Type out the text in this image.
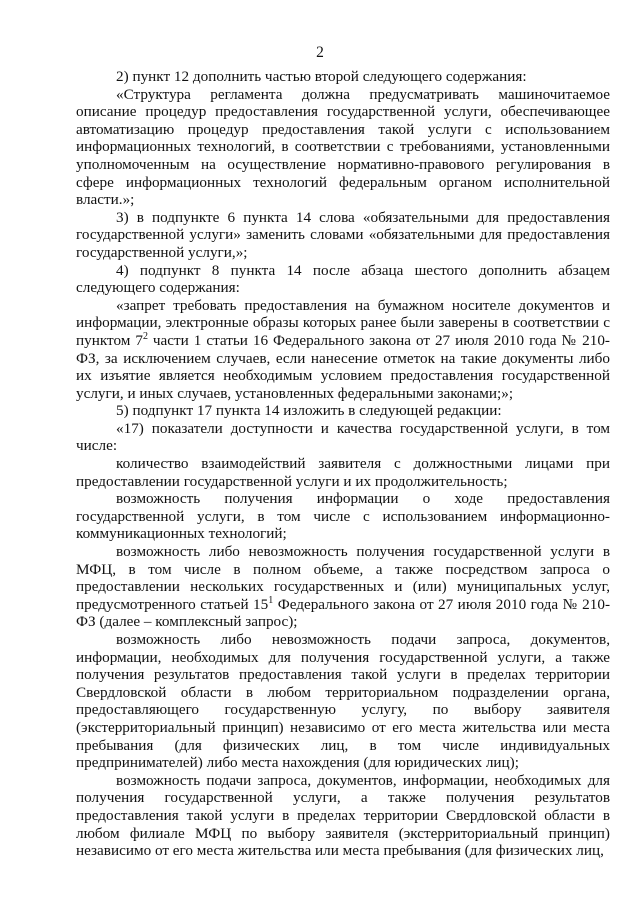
2

2) пункт 12 дополнить частью второй следующего содержания:

«Структура регламента должна предусматривать машиночитаемое описание процедур предоставления государственной услуги, обеспечивающее автоматизацию процедур предоставления такой услуги с использованием информационных технологий, в соответствии с требованиями, установленными уполномоченным на осуществление нормативно-правового регулирования в сфере информационных технологий федеральным органом исполнительной власти.»;

3) в подпункте 6 пункта 14 слова «обязательными для предоставления государственной услуги» заменить словами «обязательными для предоставления государственной услуги,»;

4) подпункт 8 пункта 14 после абзаца шестого дополнить абзацем следующего содержания:

«запрет требовать предоставления на бумажном носителе документов и информации, электронные образы которых ранее были заверены в соответствии с пунктом $7^2$ части 1 статьи 16 Федерального закона от 27 июля 2010 года № 210-ФЗ, за исключением случаев, если нанесение отметок на такие документы либо их изъятие является необходимым условием предоставления государственной услуги, и иных случаев, установленных федеральными законами;»;

5) подпункт 17 пункта 14 изложить в следующей редакции:

«17) показатели доступности и качества государственной услуги, в том числе:

количество взаимодействий заявителя с должностными лицами при предоставлении государственной услуги и их продолжительность;

возможность получения информации о ходе предоставления государственной услуги, в том числе с использованием информационно-коммуникационных технологий;

возможность либо невозможность получения государственной услуги в МФЦ, в том числе в полном объеме, а также посредством запроса о предоставлении нескольких государственных и (или) муниципальных услуг, предусмотренного статьей $15^1$ Федерального закона от 27 июля 2010 года № 210-ФЗ (далее – комплексный запрос);

возможность либо невозможность подачи запроса, документов, информации, необходимых для получения государственной услуги, а также получения результатов предоставления такой услуги в пределах территории Свердловской области в любом территориальном подразделении органа, предоставляющего государственную услугу, по выбору заявителя (экстерриториальный принцип) независимо от его места жительства или места пребывания (для физических лиц, в том числе индивидуальных предпринимателей) либо места нахождения (для юридических лиц);

возможность подачи запроса, документов, информации, необходимых для получения государственной услуги, а также получения результатов предоставления такой услуги в пределах территории Свердловской области в любом филиале МФЦ по выбору заявителя (экстерриториальный принцип) независимо от его места жительства или места пребывания (для физических лиц,
